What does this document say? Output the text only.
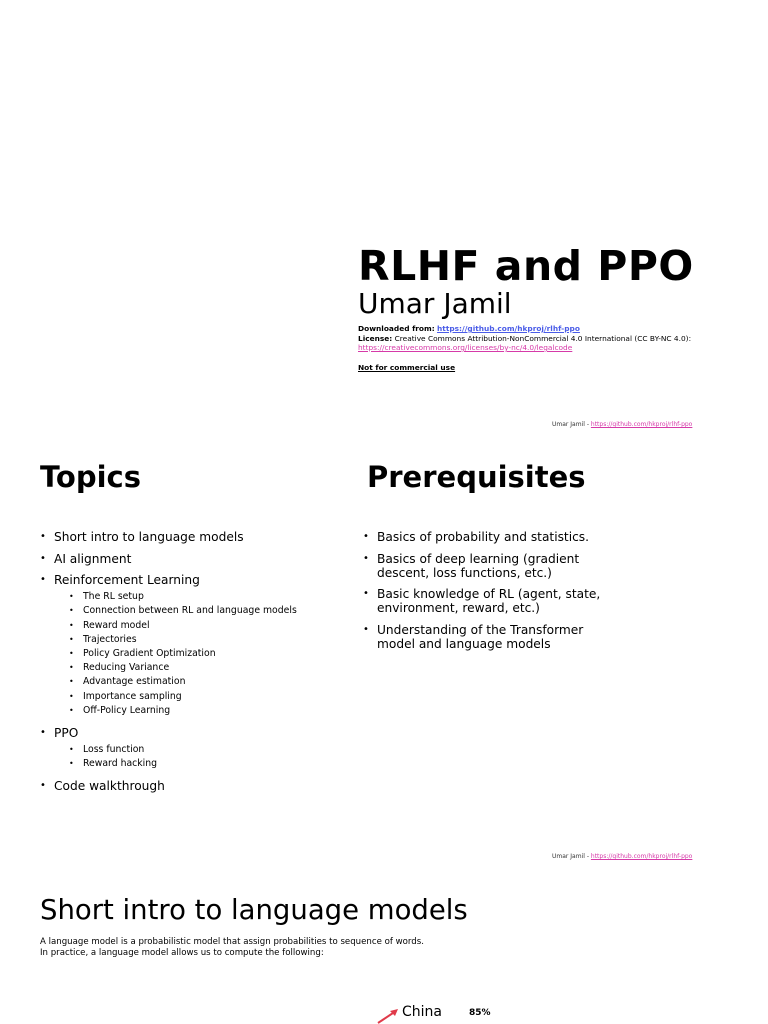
RLHF and PPO
Umar Jamil
Downloaded from: https://github.com/hkproj/rlhf-ppo
License: Creative Commons Attribution-NonCommercial 4.0 International (CC BY-NC 4.0):
https://creativecommons.org/licenses/by-nc/4.0/legalcode
Not for commercial use
Umar Jamil - https://github.com/hkproj/rlhf-ppo
Topics
• Short intro to language models
• AI alignment
• Reinforcement Learning
• The RL setup
• Connection between RL and language models
• Reward model
• Trajectories
• Policy Gradient Optimization
• Reducing Variance
• Advantage estimation
• Importance sampling
• Off-Policy Learning
• PPO
• Loss function
• Reward hacking
• Code walkthrough
Prerequisites
• Basics of probability and statistics.
• Basics of deep learning (gradient descent, loss functions, etc.)
• Basic knowledge of RL (agent, state, environment, reward, etc.)
• Understanding of the Transformer model and language models
Umar Jamil - https://github.com/hkproj/rlhf-ppo
Short intro to language models
A language model is a probabilistic model that assign probabilities to sequence of words.
In practice, a language model allows us to compute the following:
China	85%
